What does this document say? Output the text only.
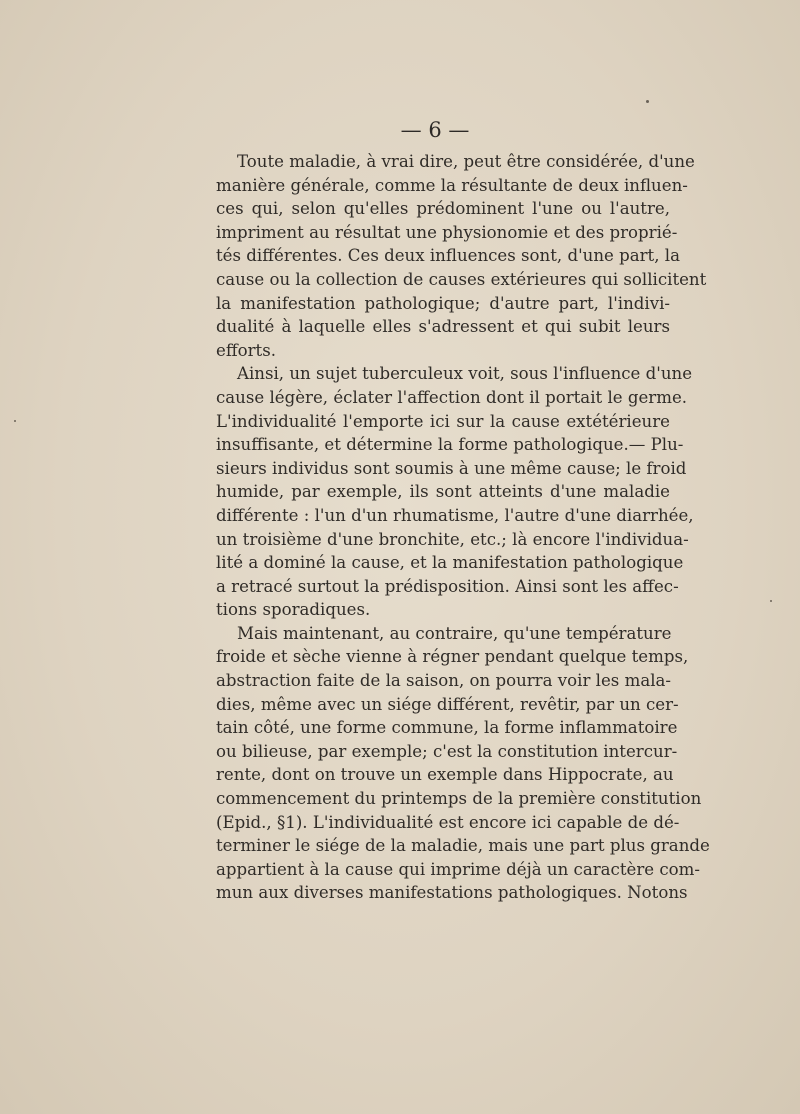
— 6 —
Toute maladie, à vrai dire, peut être considérée, d'une
manière générale, comme la résultante de deux influen-
ces qui, selon qu'elles prédominent l'une ou l'autre,
impriment au résultat une physionomie et des proprié-
tés différentes. Ces deux influences sont, d'une part, la
cause ou la collection de causes extérieures qui sollicitent
la manifestation pathologique; d'autre part, l'indivi-
dualité à laquelle elles s'adressent et qui subit leurs
efforts.
Ainsi, un sujet tuberculeux voit, sous l'influence d'une
cause légère, éclater l'affection dont il portait le germe.
L'individualité l'emporte ici sur la cause extétérieure
insuffisante, et détermine la forme pathologique.— Plu-
sieurs individus sont soumis à une même cause; le froid
humide, par exemple, ils sont atteints d'une maladie
différente : l'un d'un rhumatisme, l'autre d'une diarrhée,
un troisième d'une bronchite, etc.; là encore l'individua-
lité a dominé la cause, et la manifestation pathologique
a retracé surtout la prédisposition. Ainsi sont les affec-
tions sporadiques.
Mais maintenant, au contraire, qu'une température
froide et sèche vienne à régner pendant quelque temps,
abstraction faite de la saison, on pourra voir les mala-
dies, même avec un siége différent, revêtir, par un cer-
tain côté, une forme commune, la forme inflammatoire
ou bilieuse, par exemple; c'est la constitution intercur-
rente, dont on trouve un exemple dans Hippocrate, au
commencement du printemps de la première constitution
(Epid., §1). L'individualité est encore ici capable de dé-
terminer le siége de la maladie, mais une part plus grande
appartient à la cause qui imprime déjà un caractère com-
mun aux diverses manifestations pathologiques. Notons
